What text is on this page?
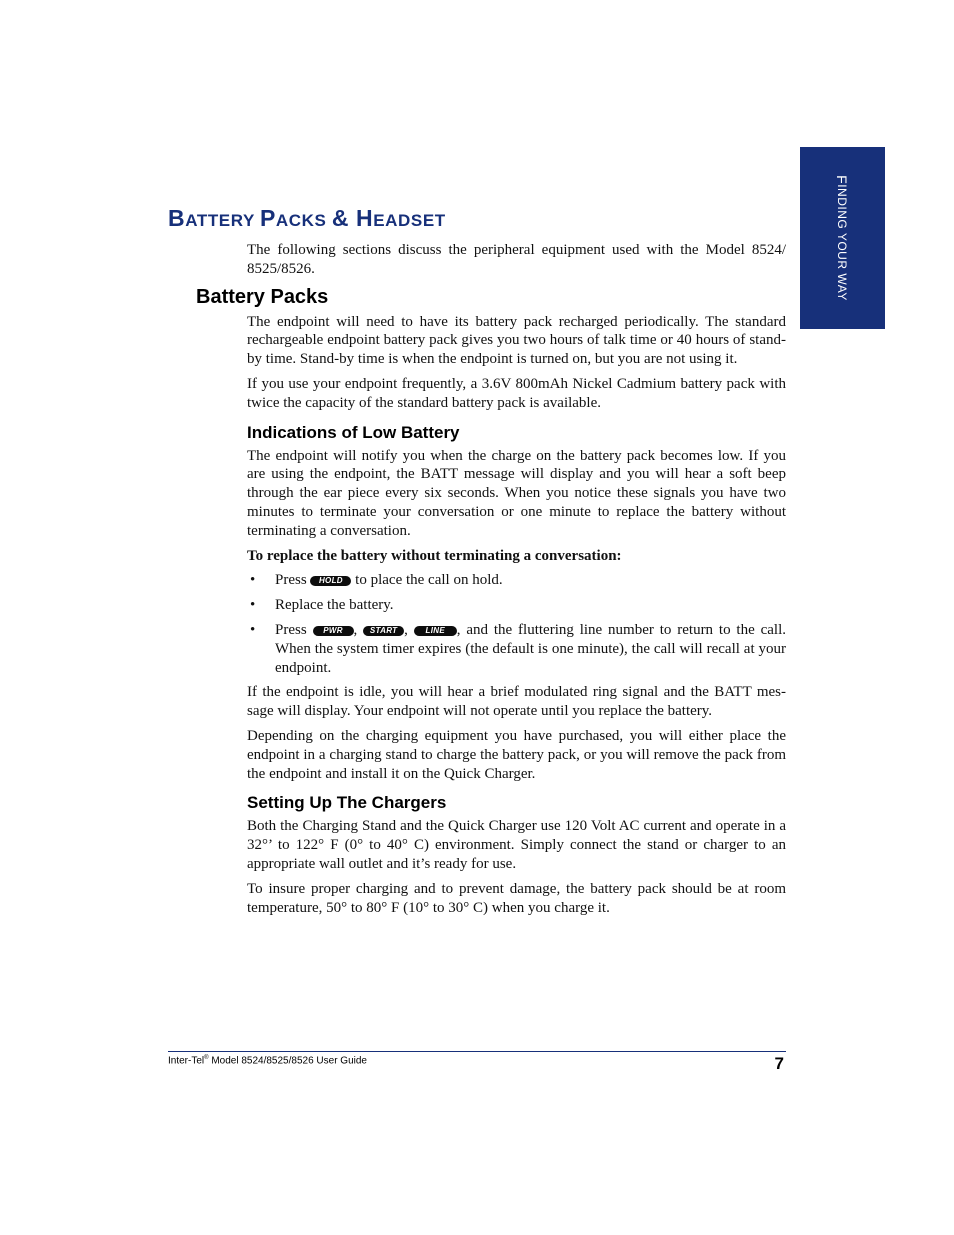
F
INDING YOUR WAY
BATTERY PACKS & HEADSET

The following sections discuss the peripheral equipment used with the Model 8524/ 8525/8526.

Battery Packs

The endpoint will need to have its battery pack recharged periodically. The standard rechargeable endpoint battery pack gives you two hours of talk time or 40 hours of stand-by time. Stand-by time is when the endpoint is turned on, but you are not using it.

If you use your endpoint frequently, a 3.6V 800mAh Nickel Cadmium battery pack with twice the capacity of the standard battery pack is available.

Indications of Low Battery

The endpoint will notify you when the charge on the battery pack becomes low. If you are using the endpoint, the BATT message will display and you will hear a soft beep through the ear piece every six seconds. When you notice these signals you have two minutes to terminate your conversation or one minute to replace the battery without terminating a conversation.

To replace the battery without terminating a conversation:

• Press HOLD to place the call on hold.
• Replace the battery.
• Press PWR , START , LINE , and the fluttering line number to return to the call. When the system timer expires (the default is one minute), the call will recall at your endpoint.

If the endpoint is idle, you will hear a brief modulated ring signal and the BATT mes-sage will display. Your endpoint will not operate until you replace the battery.

Depending on the charging equipment you have purchased, you will either place the endpoint in a charging stand to charge the battery pack, or you will remove the pack from the endpoint and install it on the Quick Charger.

Setting Up The Chargers

Both the Charging Stand and the Quick Charger use 120 Volt AC current and operate in a 32°’ to 122° F (0° to 40° C) environment. Simply connect the stand or charger to an appropriate wall outlet and it’s ready for use.

To insure proper charging and to prevent damage, the battery pack should be at room temperature, 50° to 80° F (10° to 30° C) when you charge it.

Inter-Tel® Model 8524/8525/8526 User Guide	7
